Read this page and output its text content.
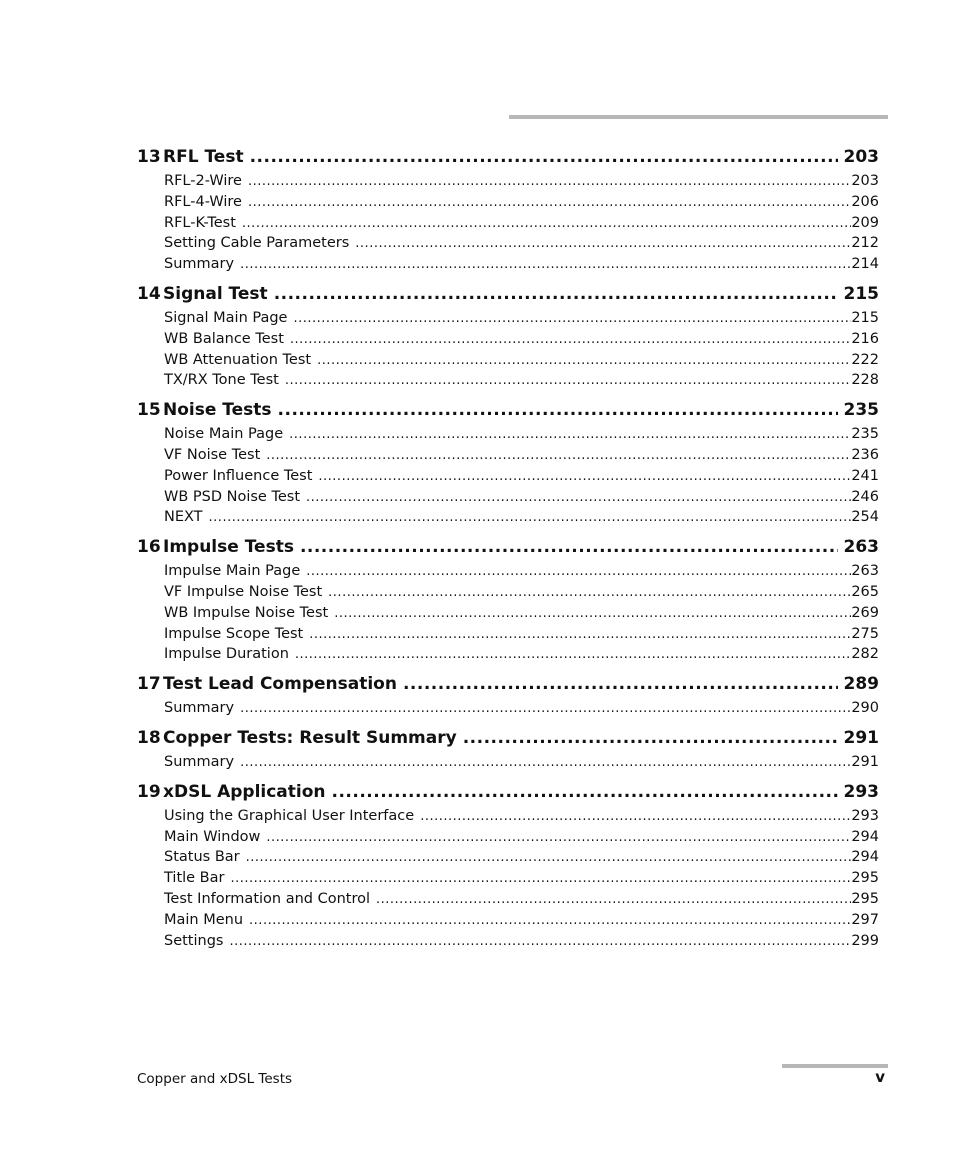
13 RFL Test .....	203
RFL-2-Wire .....	203
RFL-4-Wire .....	206
RFL-K-Test .....	209
Setting Cable Parameters .....	212
Summary .....	214
14 Signal Test .....	215
Signal Main Page .....	215
WB Balance Test .....	216
WB Attenuation Test .....	222
TX/RX Tone Test .....	228
15 Noise Tests .....	235
Noise Main Page .....	235
VF Noise Test .....	236
Power Influence Test .....	241
WB PSD Noise Test .....	246
NEXT .....	254
16 Impulse Tests .....	263
Impulse Main Page .....	263
VF Impulse Noise Test .....	265
WB Impulse Noise Test .....	269
Impulse Scope Test .....	275
Impulse Duration .....	282
17 Test Lead Compensation .....	289
Summary .....	290
18 Copper Tests: Result Summary .....	291
Summary .....	291
19 xDSL Application .....	293
Using the Graphical User Interface .....	293
Main Window .....	294
Status Bar .....	294
Title Bar .....	295
Test Information and Control .....	295
Main Menu .....	297
Settings .....	299
Copper and xDSL Tests	v
